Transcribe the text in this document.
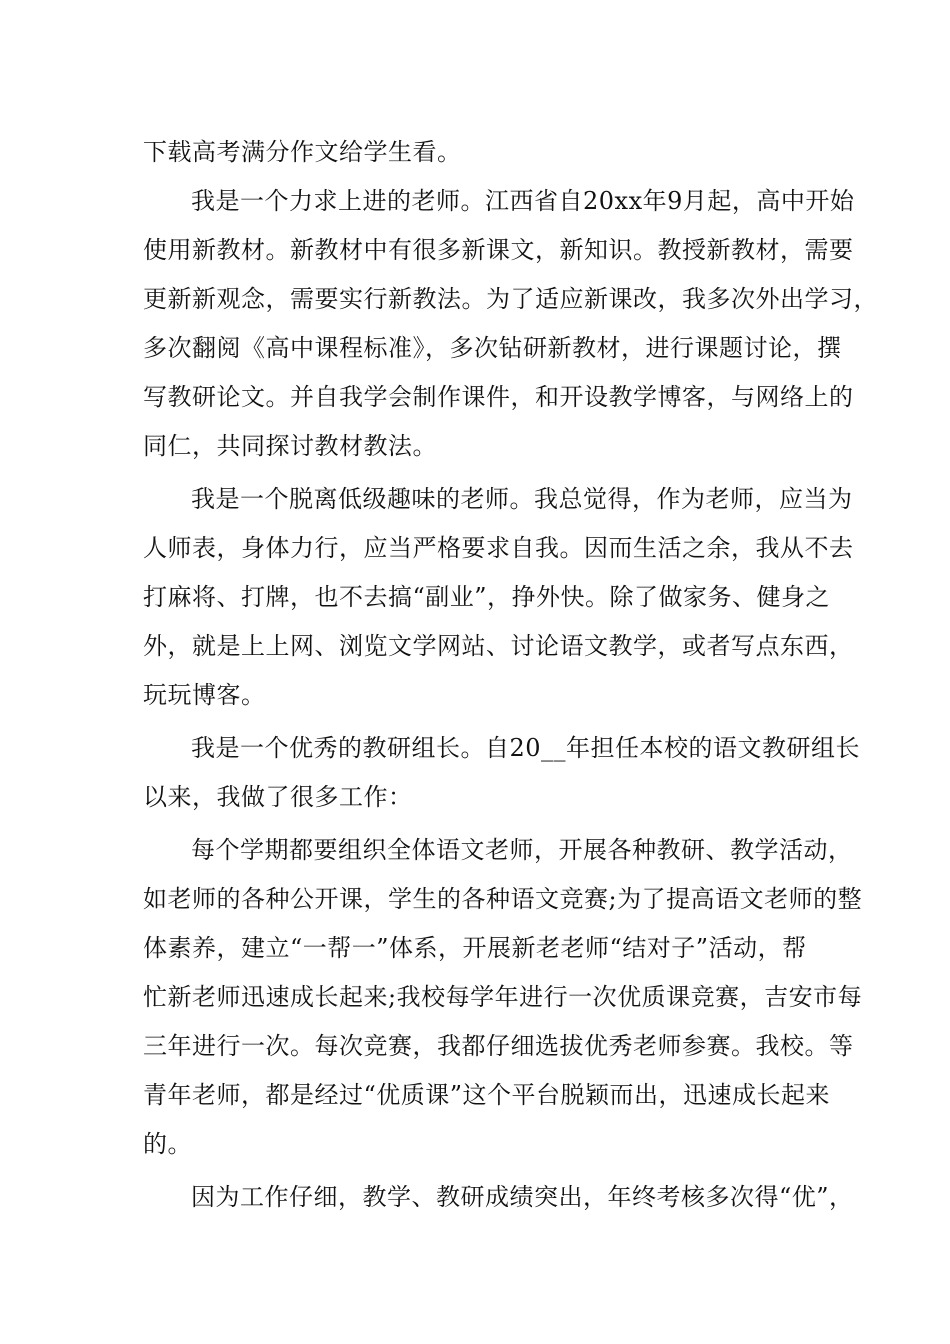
下载高考满分作文给学生看。
我是一个力求上进的老师。江西省自20xx年9月起，高中开始
使用新教材。新教材中有很多新课文，新知识。教授新教材，需要
更新新观念，需要实行新教法。为了适应新课改，我多次外出学习，
多次翻阅《高中课程标准》，多次钻研新教材，进行课题讨论，撰
写教研论文。并自我学会制作课件，和开设教学博客，与网络上的
同仁，共同探讨教材教法。
我是一个脱离低级趣味的老师。我总觉得，作为老师，应当为
人师表，身体力行，应当严格要求自我。因而生活之余，我从不去
打麻将、打牌，也不去搞“副业”，挣外快。除了做家务、健身之
外，就是上上网、浏览文学网站、讨论语文教学，或者写点东西，
玩玩博客。
我是一个优秀的教研组长。自20__年担任本校的语文教研组长
以来，我做了很多工作：
每个学期都要组织全体语文老师，开展各种教研、教学活动，
如老师的各种公开课，学生的各种语文竞赛;为了提高语文老师的整
体素养，建立“一帮一”体系，开展新老老师“结对子”活动，帮
忙新老师迅速成长起来;我校每学年进行一次优质课竞赛，吉安市每
三年进行一次。每次竞赛，我都仔细选拔优秀老师参赛。我校。等
青年老师，都是经过“优质课”这个平台脱颖而出，迅速成长起来
的。
因为工作仔细，教学、教研成绩突出，年终考核多次得“优”，
